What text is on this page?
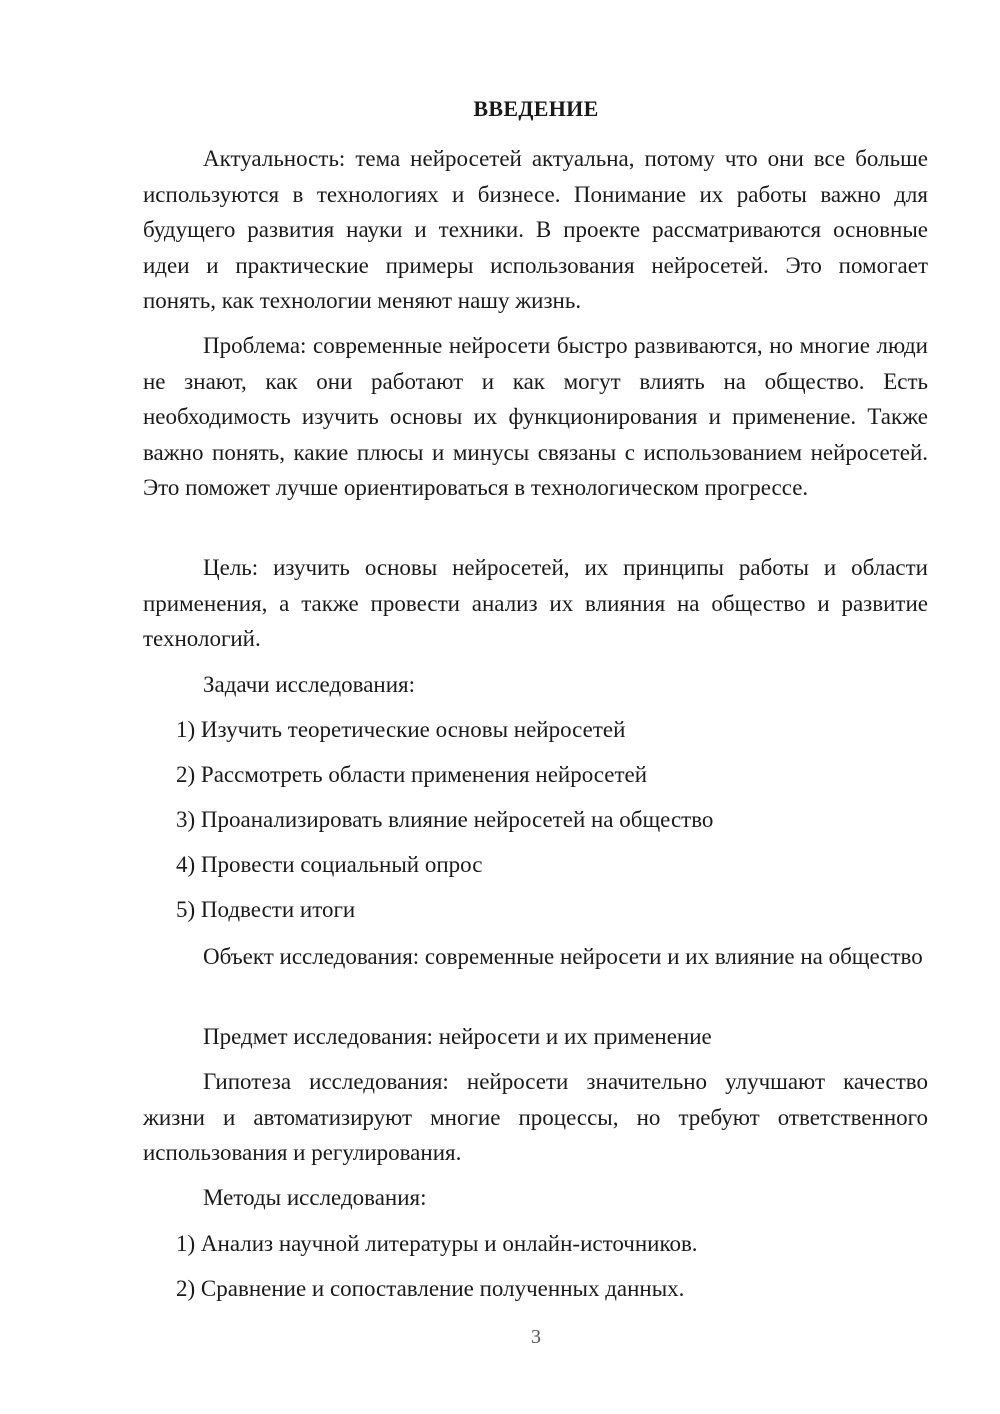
ВВЕДЕНИЕ

Актуальность: тема нейросетей актуальна, потому что они все больше используются в технологиях и бизнесе. Понимание их работы важно для будущего развития науки и техники. В проекте рассматриваются основные идеи и практические примеры использования нейросетей. Это помогает понять, как технологии меняют нашу жизнь.

Проблема: современные нейросети быстро развиваются, но многие люди не знают, как они работают и как могут влиять на общество. Есть необходимость изучить основы их функционирования и применение. Также важно понять, какие плюсы и минусы связаны с использованием нейросетей. Это поможет лучше ориентироваться в технологическом прогрессе.

Цель: изучить основы нейросетей, их принципы работы и области применения, а также провести анализ их влияния на общество и развитие технологий.

Задачи исследования:

1) Изучить теоретические основы нейросетей

2) Рассмотреть области применения нейросетей

3) Проанализировать влияние нейросетей на общество

4) Провести социальный опрос

5) Подвести итоги

Объект исследования: современные нейросети и их влияние на общество

Предмет исследования: нейросети и их применение

Гипотеза исследования: нейросети значительно улучшают качество жизни и автоматизируют многие процессы, но требуют ответственного использования и регулирования.

Методы исследования:

1) Анализ научной литературы и онлайн-источников.

2) Сравнение и сопоставление полученных данных.

3
